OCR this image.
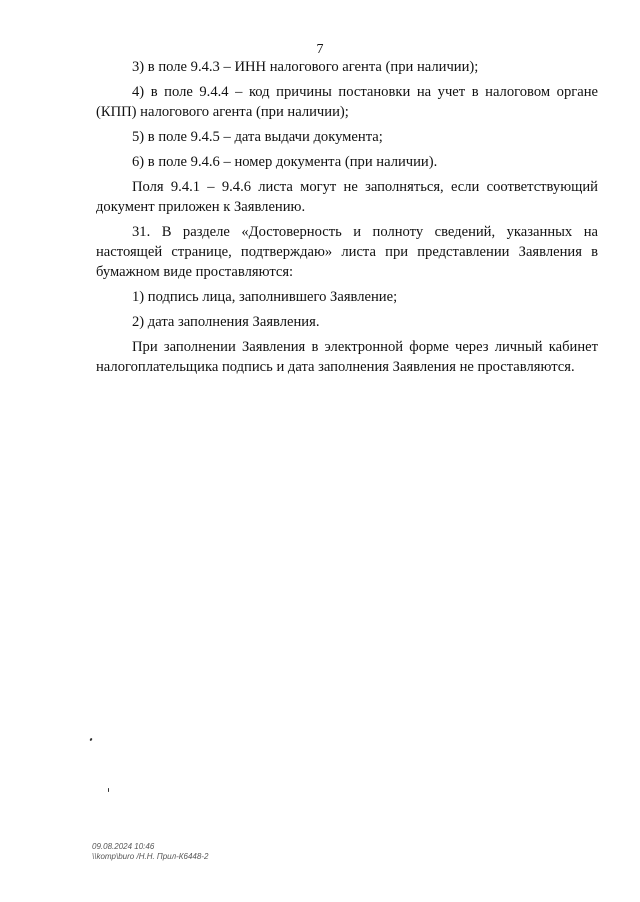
7

3) в поле 9.4.3 – ИНН налогового агента (при наличии);

4) в поле 9.4.4 – код причины постановки на учет в налоговом органе (КПП) налогового агента (при наличии);

5) в поле 9.4.5 – дата выдачи документа;

6) в поле 9.4.6 – номер документа (при наличии).

Поля 9.4.1 – 9.4.6 листа могут не заполняться, если соответствующий документ приложен к Заявлению.

31. В разделе «Достоверность и полноту сведений, указанных на настоящей странице, подтверждаю» листа при представлении Заявления в бумажном виде проставляются:

1) подпись лица, заполнившего Заявление;

2) дата заполнения Заявления.

При заполнении Заявления в электронной форме через личный кабинет налогоплательщика подпись и дата заполнения Заявления не проставляются.

09.08.2024 10:46
\\komp\buro /Н.Н. Прил-К6448-2
